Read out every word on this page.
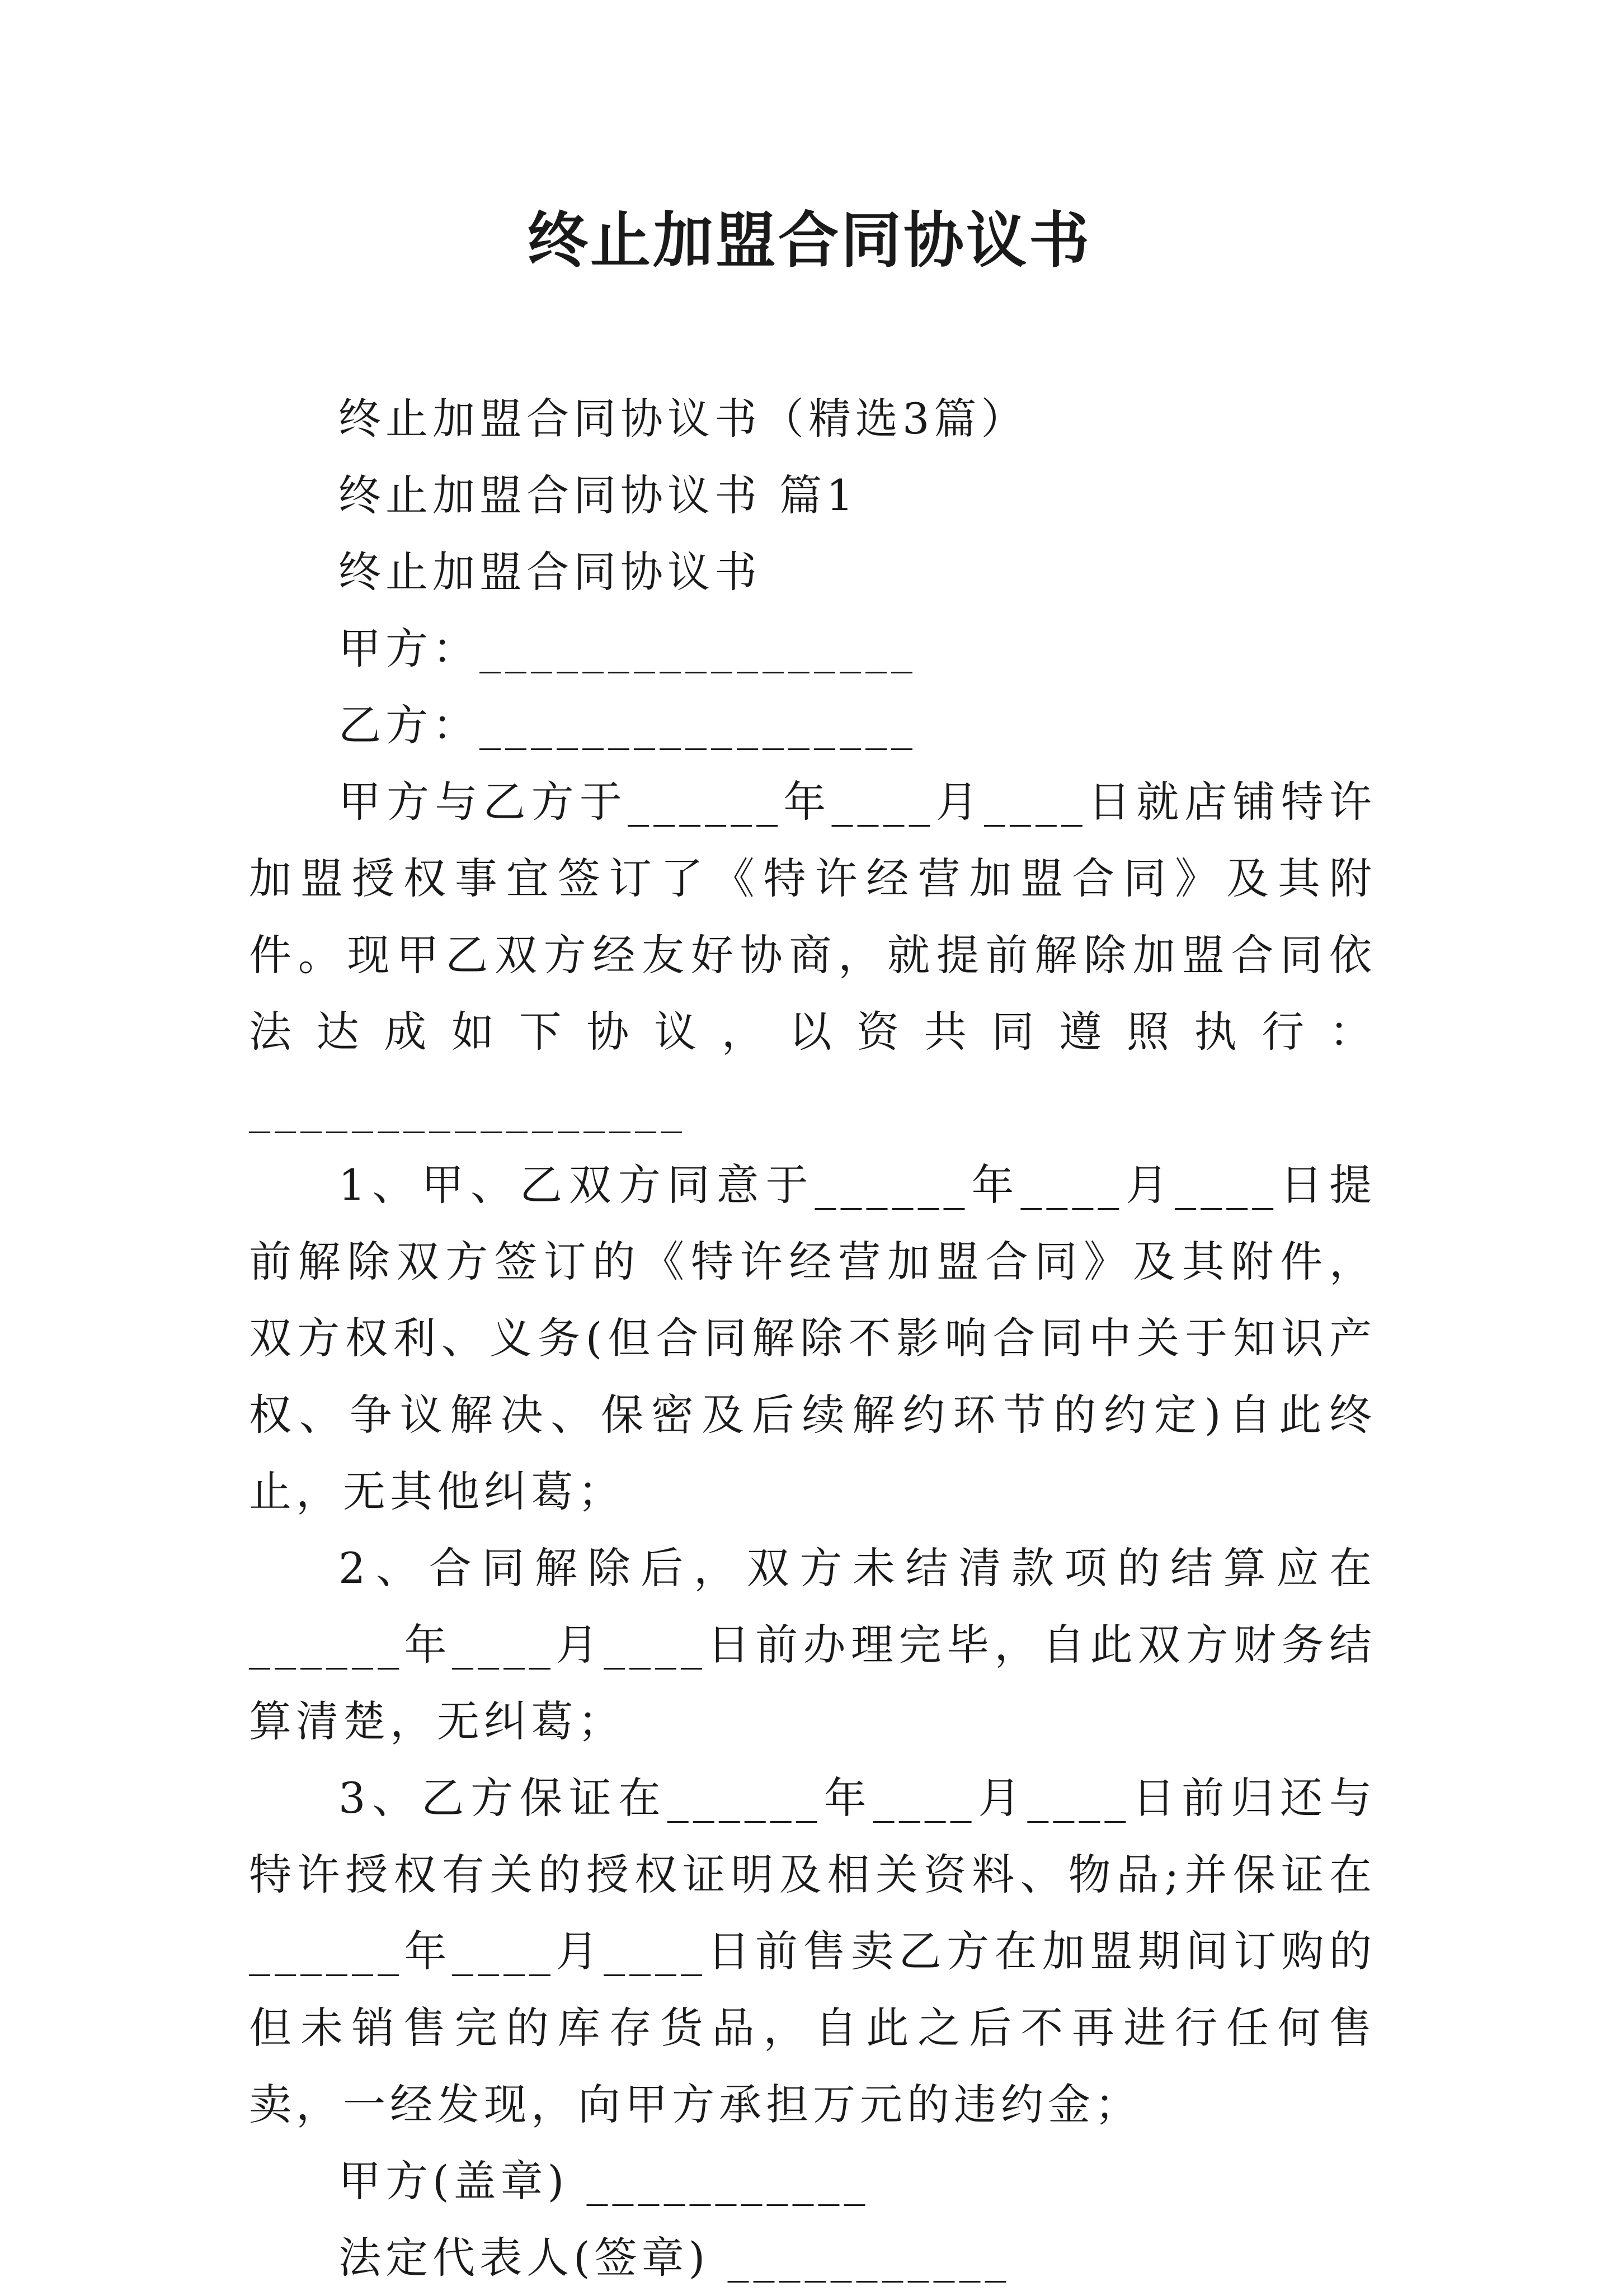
终止加盟合同协议书
终止加盟合同协议书（精选3篇）
终止加盟合同协议书 篇1
终止加盟合同协议书
甲方：_________________
乙方：_________________
甲方与乙方于______年____月____日就店铺特许加盟授权事宜签订了《特许经营加盟合同》及其附件。现甲乙双方经友好协商，就提前解除加盟合同依法达成如下协议，以资共同遵照执行：_________________
1、甲、乙双方同意于______年____月____日提前解除双方签订的《特许经营加盟合同》及其附件，双方权利、义务(但合同解除不影响合同中关于知识产权、争议解决、保密及后续解约环节的约定)自此终止，无其他纠葛；
2、合同解除后，双方未结清款项的结算应在______年____月____日前办理完毕，自此双方财务结算清楚，无纠葛；
3、乙方保证在______年____月____日前归还与特许授权有关的授权证明及相关资料、物品;并保证在______年____月____日前售卖乙方在加盟期间订购的但未销售完的库存货品，自此之后不再进行任何售卖，一经发现，向甲方承担万元的违约金；
甲方(盖章) ___________
法定代表人(签章) ___________
